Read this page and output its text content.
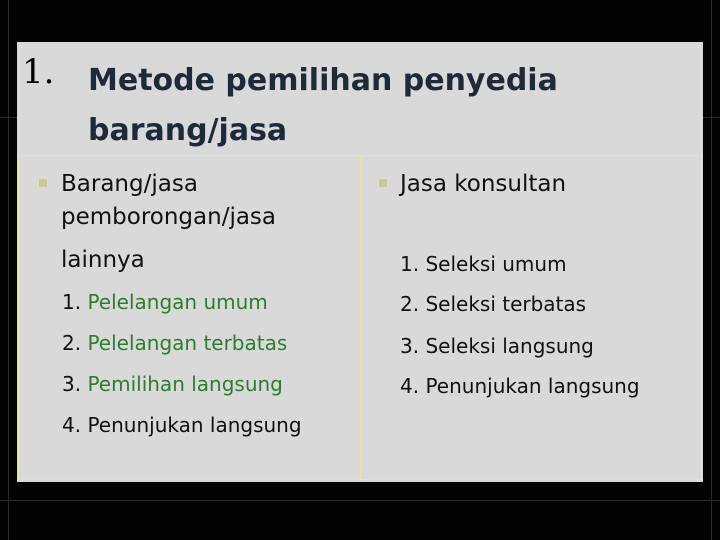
1. Metode pemilihan penyedia barang/jasa
Barang/jasa
pemborongan/jasa
lainnya
1. Pelelangan umum
2. Pelelangan terbatas
3. Pemilihan langsung
4. Penunjukan langsung
Jasa konsultan
1. Seleksi umum
2. Seleksi terbatas
3. Seleksi langsung
4. Penunjukan langsung
